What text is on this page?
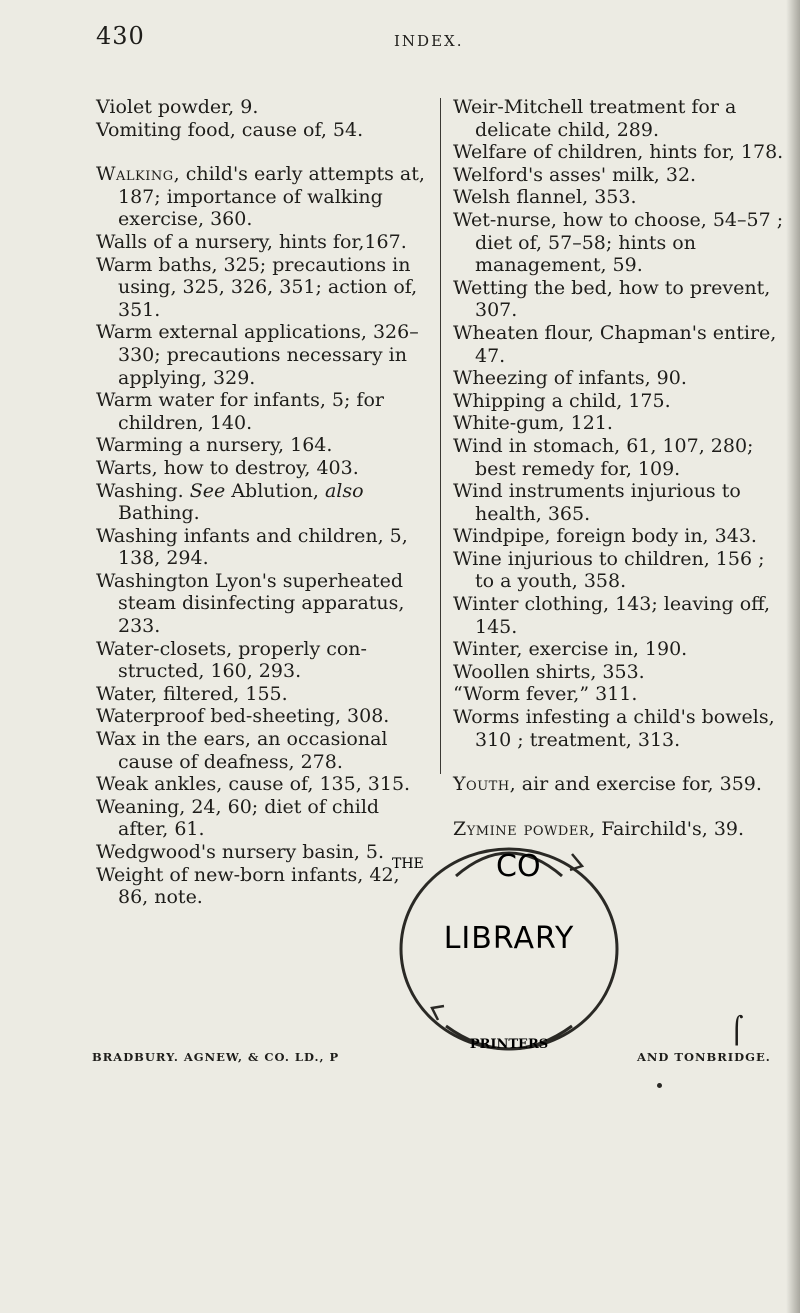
430	INDEX.

Violet powder, 9.

Vomiting food, cause of, 54.

Walking, child's early attempts at, 187; importance of walking exercise, 360.

Walls of a nursery, hints for,167.

Warm baths, 325; precautions in using, 325, 326, 351; action of, 351.

Warm external applications, 326–330; precautions necessary in applying, 329.

Warm water for infants, 5; for children, 140.

Warming a nursery, 164.

Warts, how to destroy, 403.

Washing. See Ablution, also Bathing.

Washing infants and children, 5, 138, 294.

Washington Lyon's superheated steam disinfecting apparatus, 233.

Water-closets, properly constructed, 160, 293.

Water, filtered, 155.

Waterproof bed-sheeting, 308.

Wax in the ears, an occasional cause of deafness, 278.

Weak ankles, cause of, 135, 315.

Weaning, 24, 60; diet of child after, 61.

Wedgwood's nursery basin, 5.

Weight of new-born infants, 42, 86, note.

Weir-Mitchell treatment for a delicate child, 289.

Welfare of children, hints for, 178.

Welford's asses' milk, 32.

Welsh flannel, 353.

Wet-nurse, how to choose, 54–57 ; diet of, 57–58; hints on management, 59.

Wetting the bed, how to prevent, 307.

Wheaten flour, Chapman's entire, 47.

Wheezing of infants, 90.

Whipping a child, 175.

White-gum, 121.

Wind in stomach, 61, 107, 280; best remedy for, 109.

Wind instruments injurious to health, 365.

Windpipe, foreign body in, 343.

Wine injurious to children, 156 ; to a youth, 358.

Winter clothing, 143; leaving off, 145.

Winter, exercise in, 190.

Woollen shirts, 353.

“Worm fever,” 311.

Worms infesting a child's bowels, 310 ; treatment, 313.

Youth, air and exercise for, 359.

Zymine powder, Fairchild's, 39.

THE CO
LIBRARY
PRINTERS
BRADBURY. AGNEW, & CO. LD., P	AND TONBRIDGE.
⌠
